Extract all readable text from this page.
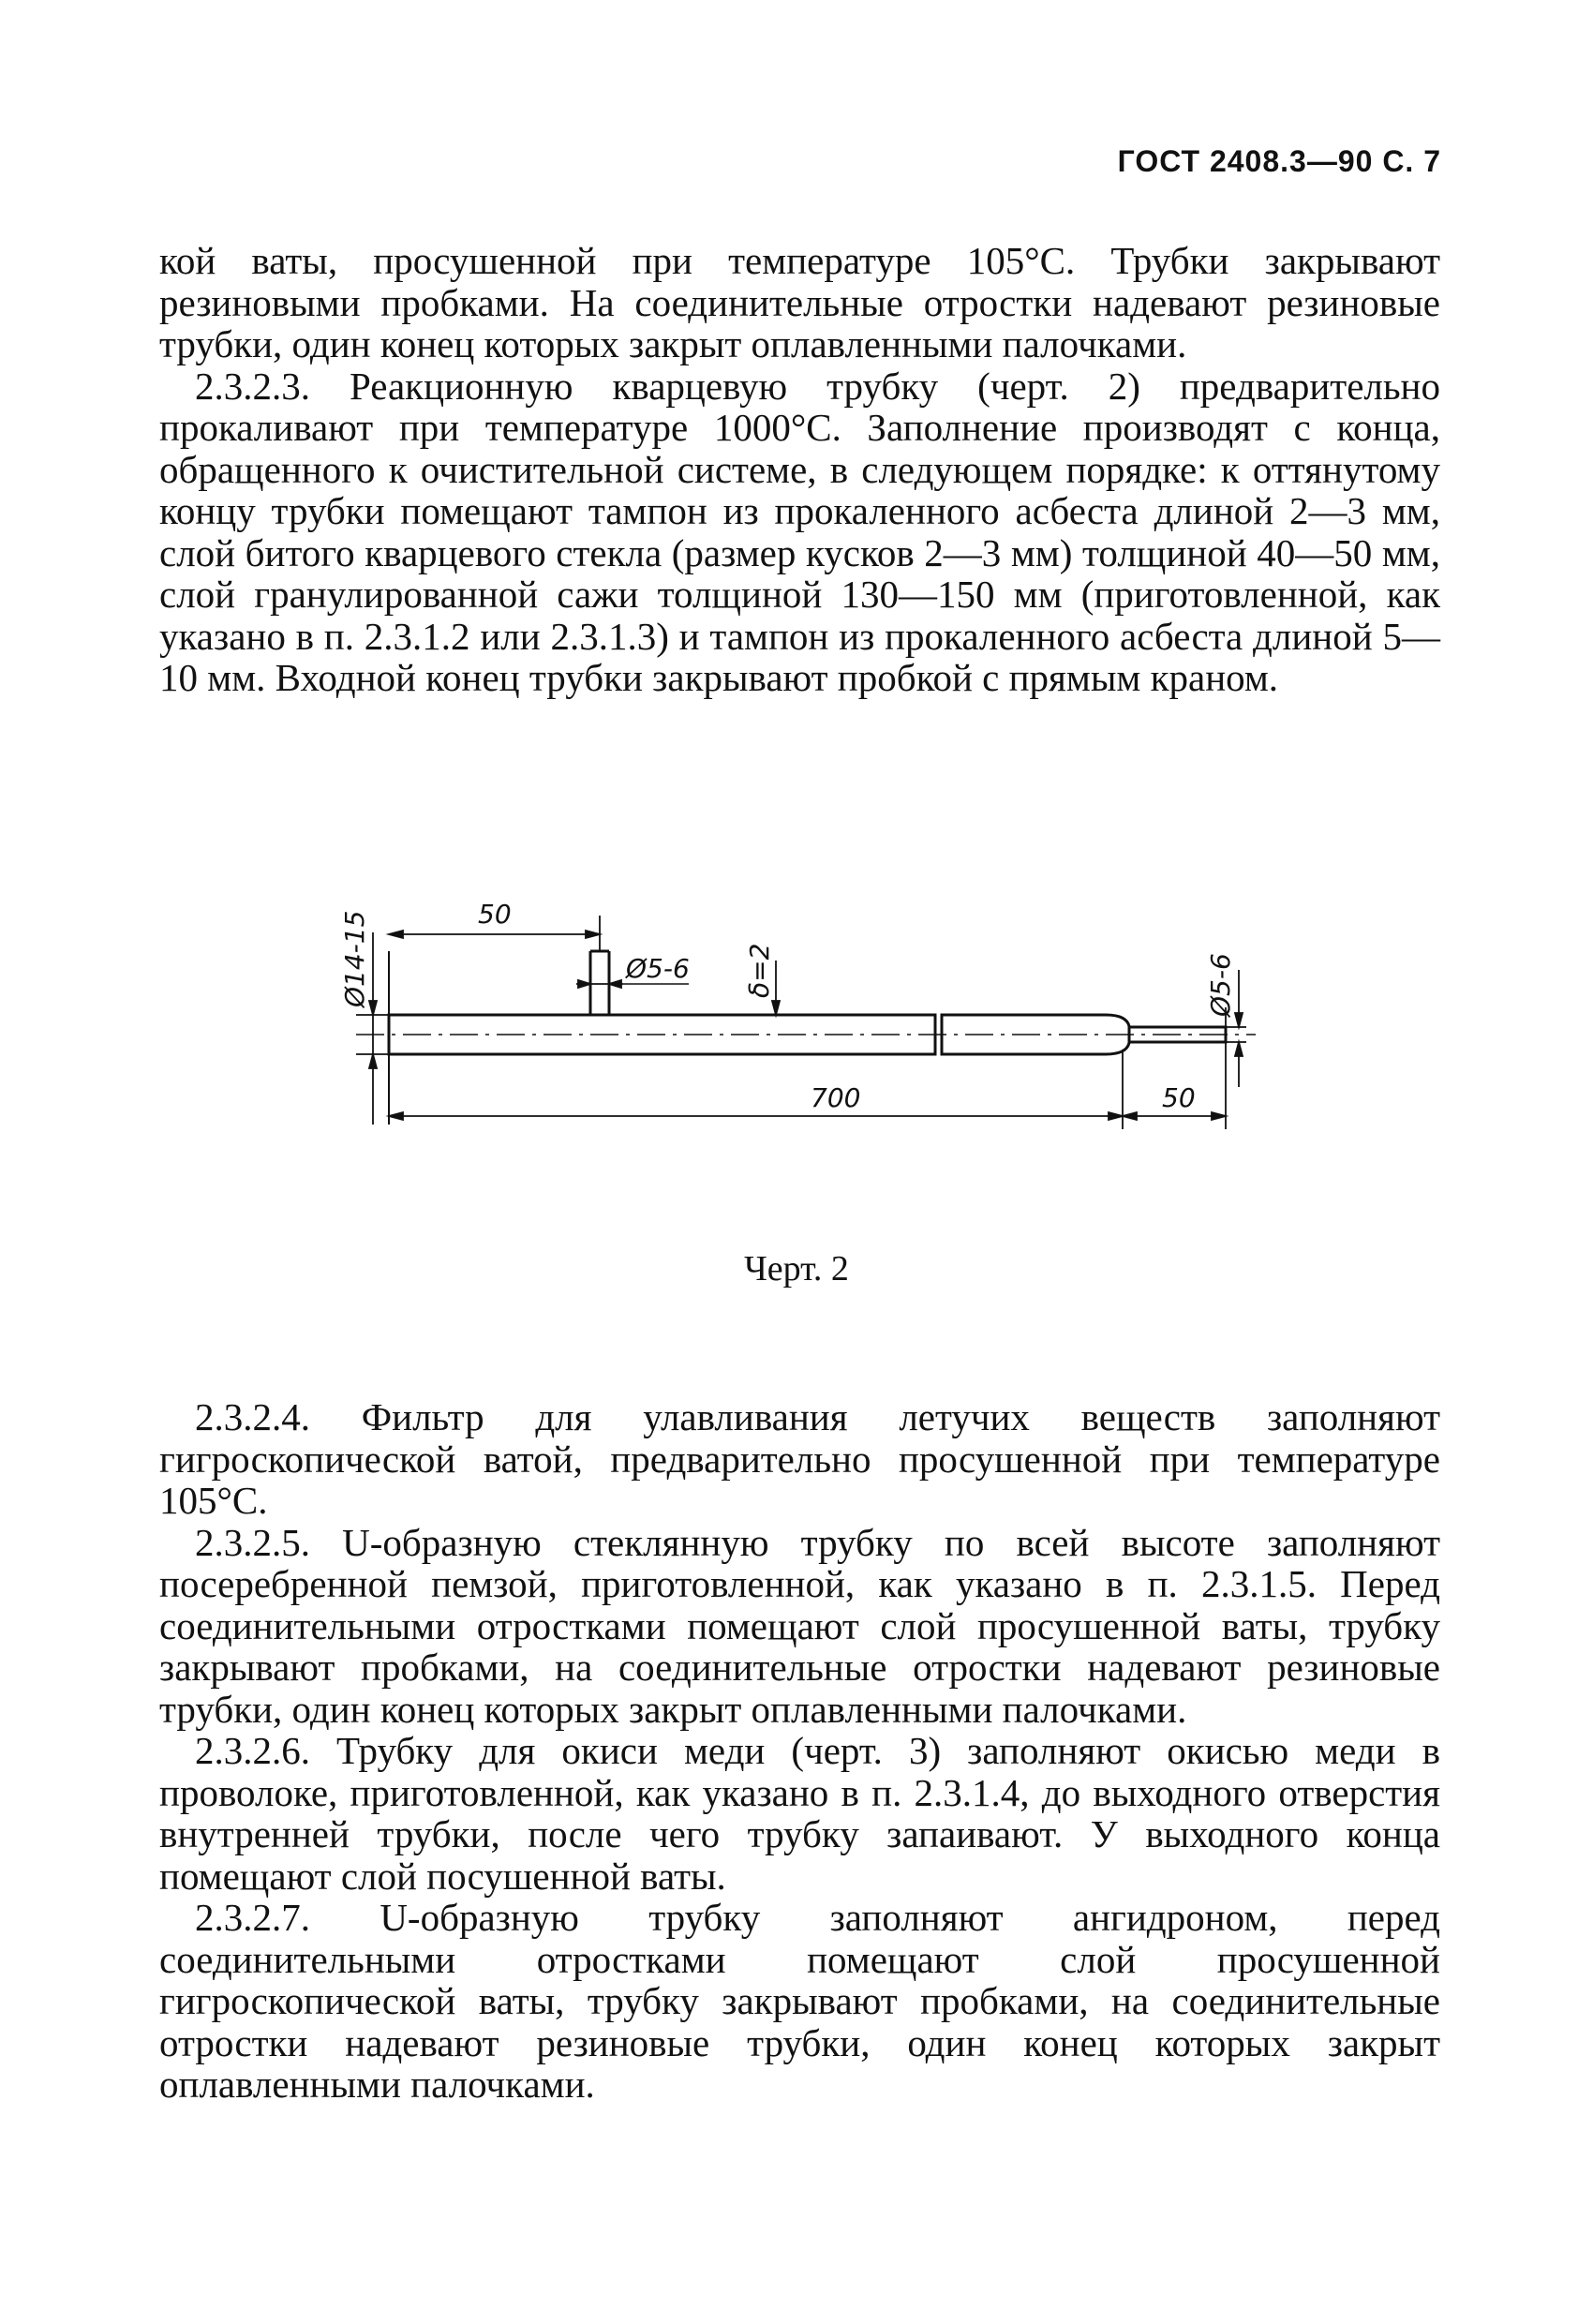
ГОСТ 2408.3—90 С. 7

кой ваты, просушенной при температуре 105°С. Трубки закрывают резиновыми пробками. На соединительные отростки надевают резиновые трубки, один конец которых закрыт оплавленными палочками.

2.3.2.3. Реакционную кварцевую трубку (черт. 2) предварительно прокаливают при температуре 1000°С. Заполнение производят с конца, обращенного к очистительной системе, в следующем порядке: к оттянутому концу трубки помещают тампон из прокаленного асбеста длиной 2—3 мм, слой битого кварцевого стекла (размер кусков 2—3 мм) толщиной 40—50 мм, слой гранулированной сажи толщиной 130—150 мм (приготовленной, как указано в п. 2.3.1.2 или 2.3.1.3) и тампон из прокаленного асбеста длиной 5—10 мм. Входной конец трубки закрывают пробкой с прямым краном.

50
Ø14-15	Ø5-6 δ=2	Ø5-6
700	50
Черт. 2

2.3.2.4. Фильтр для улавливания летучих веществ заполняют гигроскопической ватой, предварительно просушенной при температуре 105°С.

2.3.2.5. U-образную стеклянную трубку по всей высоте заполняют посеребренной пемзой, приготовленной, как указано в п. 2.3.1.5. Перед соединительными отростками помещают слой просушенной ваты, трубку закрывают пробками, на соединительные отростки надевают резиновые трубки, один конец которых закрыт оплавленными палочками.

2.3.2.6. Трубку для окиси меди (черт. 3) заполняют окисью меди в проволоке, приготовленной, как указано в п. 2.3.1.4, до выходного отверстия внутренней трубки, после чего трубку запаивают. У выходного конца помещают слой посушенной ваты.

2.3.2.7. U-образную трубку заполняют ангидроном, перед соединительными отростками помещают слой просушенной гигроскопической ваты, трубку закрывают пробками, на соединительные отростки надевают резиновые трубки, один конец которых закрыт оплавленными палочками.
